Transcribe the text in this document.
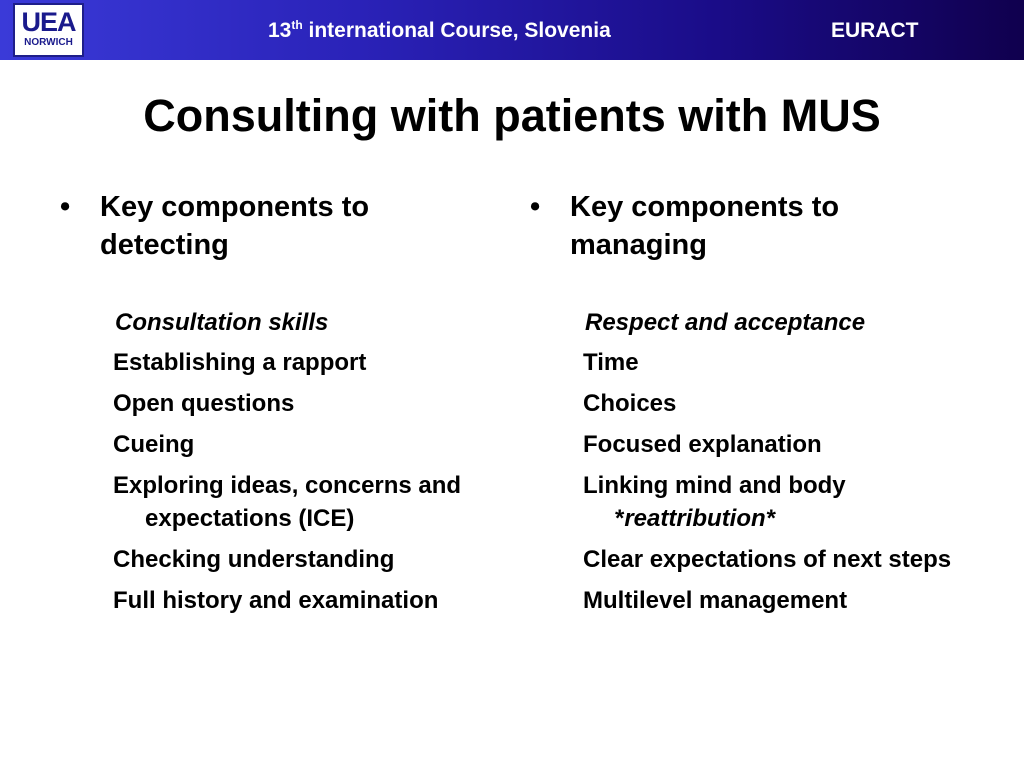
UEA
NORWICH
13th international Course, Slovenia	EURACT
Consulting with patients with MUS
• Key components to
detecting
Consultation skills
Establishing a rapport
Open questions
Cueing
Exploring ideas, concerns and expectations (ICE)
Checking understanding
Full history and examination
• Key components to
managing
Respect and acceptance
Time
Choices
Focused explanation
Linking mind and body *reattribution*
Clear expectations of next steps
Multilevel management
